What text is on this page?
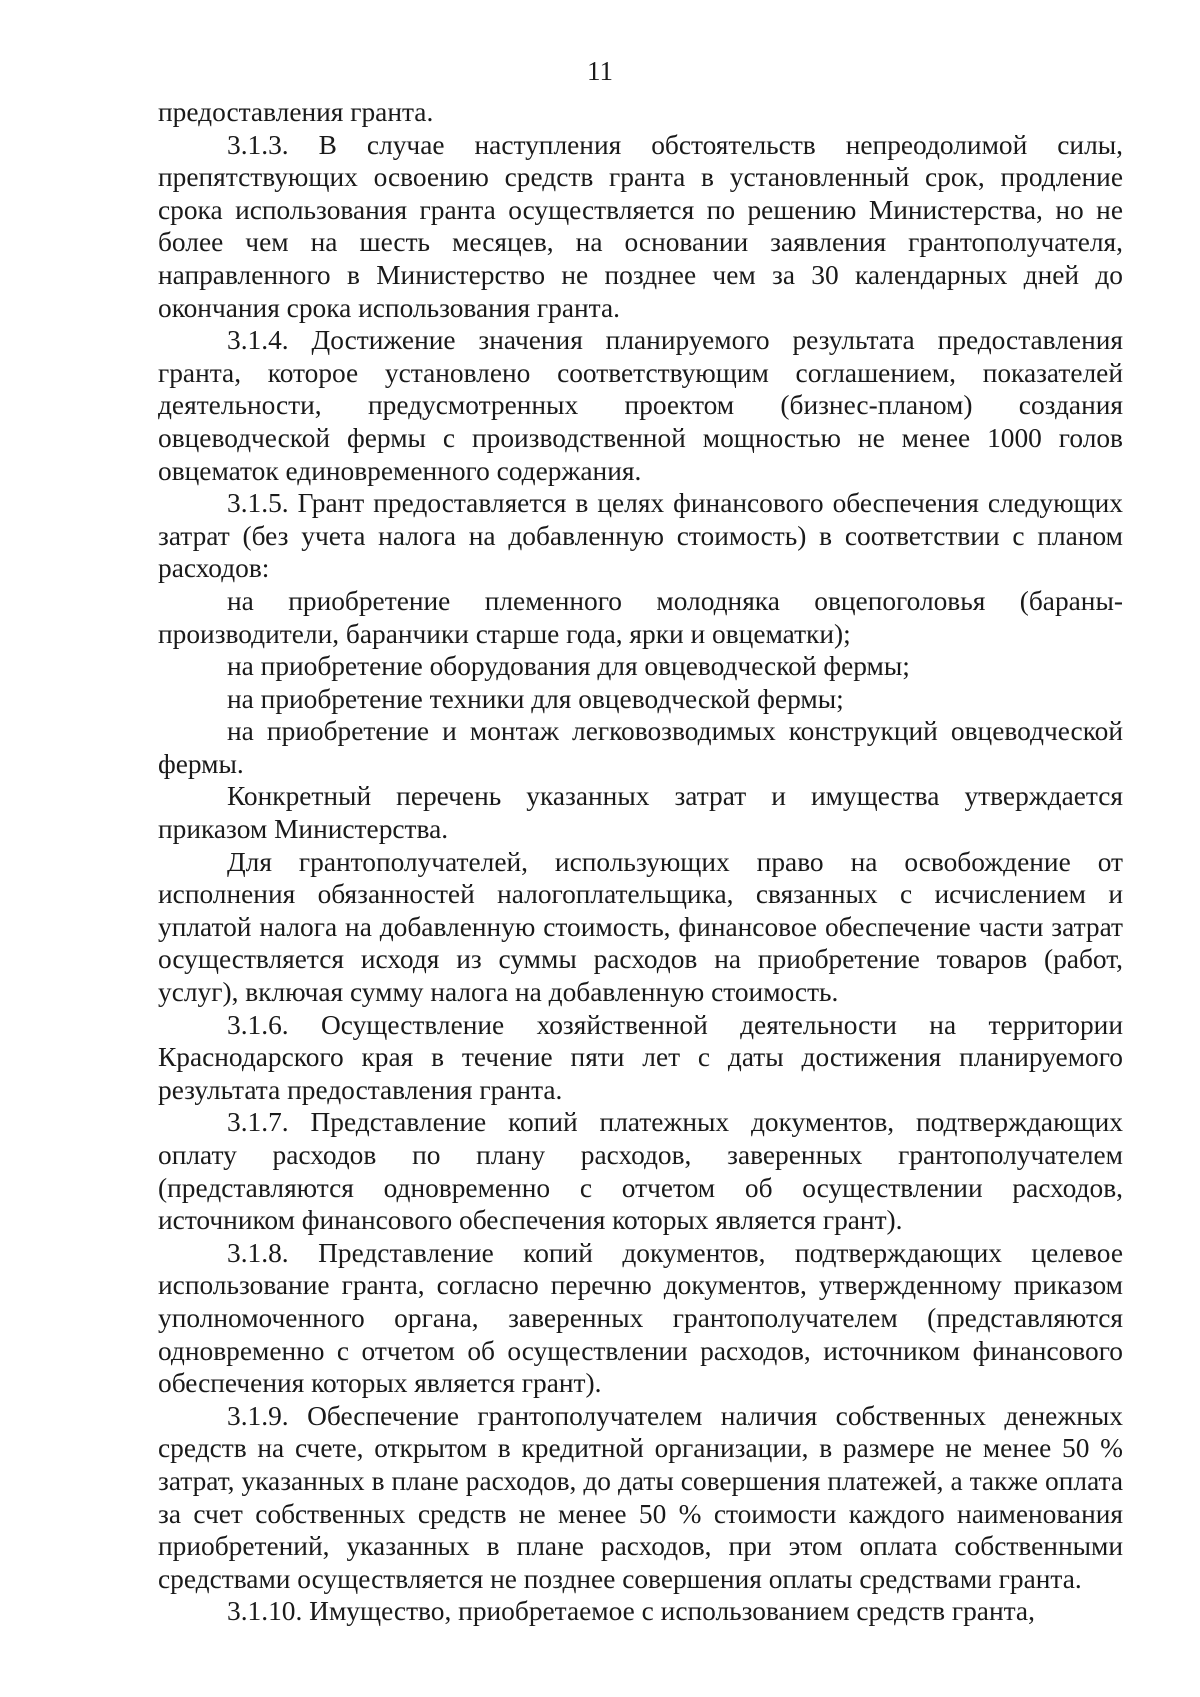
11

предоставления гранта.

3.1.3. В случае наступления обстоятельств непреодолимой силы, препятствующих освоению средств гранта в установленный срок, продление срока использования гранта осуществляется по решению Министерства, но не более чем на шесть месяцев, на основании заявления грантополучателя, направленного в Министерство не позднее чем за 30 календарных дней до окончания срока использования гранта.

3.1.4. Достижение значения планируемого результата предоставления гранта, которое установлено соответствующим соглашением, показателей деятельности, предусмотренных проектом (бизнес-планом) создания овцеводческой фермы с производственной мощностью не менее 1000 голов овцематок единовременного содержания.

3.1.5. Грант предоставляется в целях финансового обеспечения следующих затрат (без учета налога на добавленную стоимость) в соответствии с планом расходов:

на приобретение племенного молодняка овцепоголовья (бараны-производители, баранчики старше года, ярки и овцематки);

на приобретение оборудования для овцеводческой фермы;

на приобретение техники для овцеводческой фермы;

на приобретение и монтаж легковозводимых конструкций овцеводческой фермы.

Конкретный перечень указанных затрат и имущества утверждается приказом Министерства.

Для грантополучателей, использующих право на освобождение от исполнения обязанностей налогоплательщика, связанных с исчислением и уплатой налога на добавленную стоимость, финансовое обеспечение части затрат осуществляется исходя из суммы расходов на приобретение товаров (работ, услуг), включая сумму налога на добавленную стоимость.

3.1.6. Осуществление хозяйственной деятельности на территории Краснодарского края в течение пяти лет с даты достижения планируемого результата предоставления гранта.

3.1.7. Представление копий платежных документов, подтверждающих оплату расходов по плану расходов, заверенных грантополучателем (представляются одновременно с отчетом об осуществлении расходов, источником финансового обеспечения которых является грант).

3.1.8. Представление копий документов, подтверждающих целевое использование гранта, согласно перечню документов, утвержденному приказом уполномоченного органа, заверенных грантополучателем (представляются одновременно с отчетом об осуществлении расходов, источником финансового обеспечения которых является грант).

3.1.9. Обеспечение грантополучателем наличия собственных денежных средств на счете, открытом в кредитной организации, в размере не менее 50 % затрат, указанных в плане расходов, до даты совершения платежей, а также оплата за счет собственных средств не менее 50 % стоимости каждого наименования приобретений, указанных в плане расходов, при этом оплата собственными средствами осуществляется не позднее совершения оплаты средствами гранта.

3.1.10. Имущество, приобретаемое с использованием средств гранта,
